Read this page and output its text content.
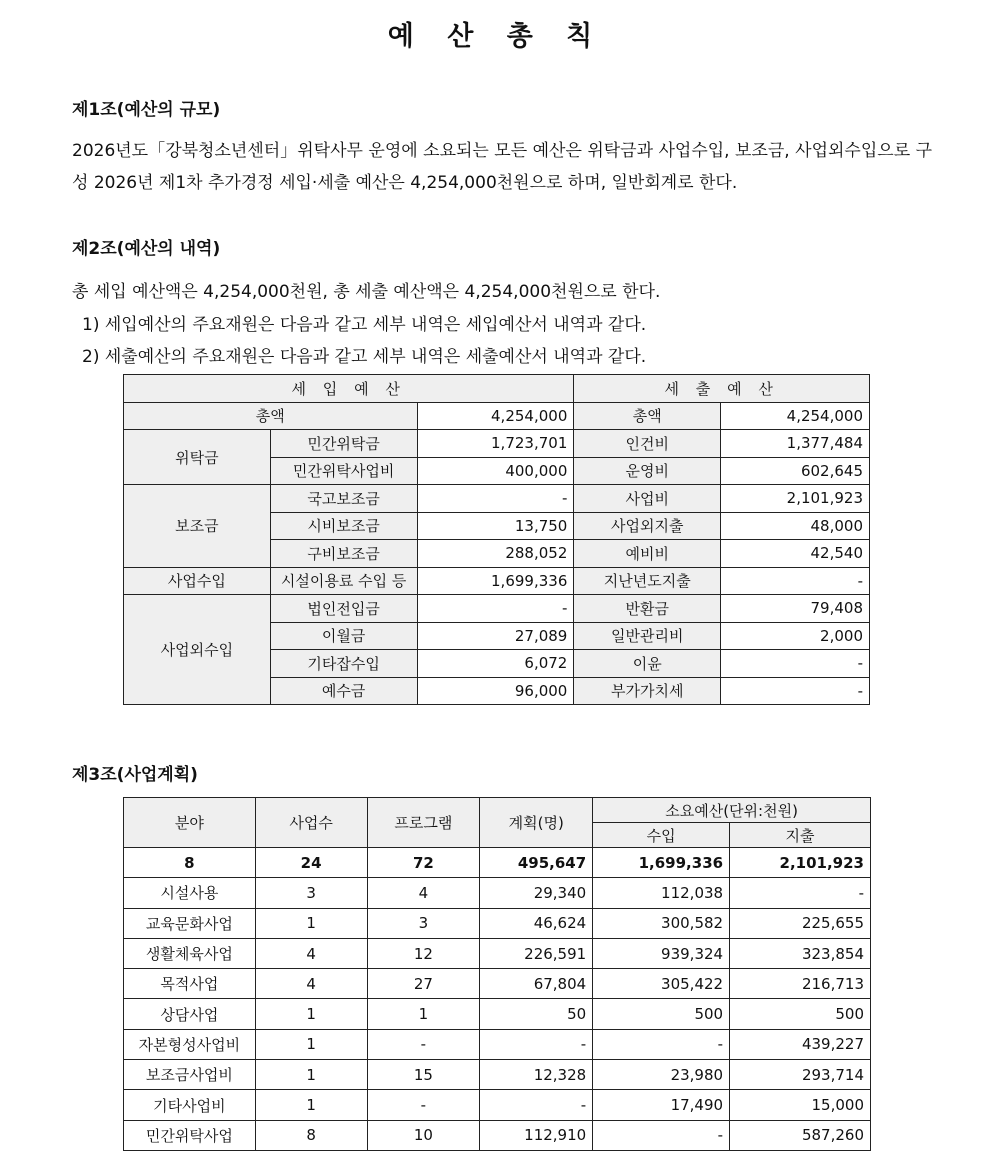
예 산 총 칙
제1조(예산의 규모)

2026년도「강북청소년센터」위탁사무 운영에 소요되는 모든 예산은 위탁금과 사업수입, 보조금, 사업외수입으로 구성 2026년 제1차 추가경정 세입·세출 예산은 4,254,000천원으로 하며, 일반회계로 한다.

제2조(예산의 내역)

총 세입 예산액은 4,254,000천원, 총 세출 예산액은 4,254,000천원으로 한다.

1) 세입예산의 주요재원은 다음과 같고 세부 내역은 세입예산서 내역과 같다.

2) 세출예산의 주요재원은 다음과 같고 세부 내역은 세출예산서 내역과 같다.

세 입 예 산			세 출 예 산	
총액		4,254,000	총액	4,254,000
위탁금	민간위탁금	1,723,701	인건비	1,377,484
	민간위탁사업비	400,000	운영비	602,645
보조금	국고보조금	-	사업비	2,101,923
	시비보조금	13,750	사업외지출	48,000
	구비보조금	288,052	예비비	42,540
사업수입	시설이용료 수입 등	1,699,336	지난년도지출	-
사업외수입	법인전입금	-	반환금	79,408
	이월금	27,089	일반관리비	2,000
	기타잡수입	6,072	이윤	-
	예수금	96,000	부가가치세	-
제3조(사업계획)
분야	사업수	프로그램	계획(명)	소요예산(단위:천원)	
				수입	지출
8	24	72	495,647	1,699,336	2,101,923
시설사용	3	4	29,340	112,038	-
교육문화사업	1	3	46,624	300,582	225,655
생활체육사업	4	12	226,591	939,324	323,854
목적사업	4	27	67,804	305,422	216,713
상담사업	1	1	50	500	500
자본형성사업비	1	-	-	-	439,227
보조금사업비	1	15	12,328	23,980	293,714
기타사업비	1	-	-	17,490	15,000
민간위탁사업	8	10	112,910	-	587,260
